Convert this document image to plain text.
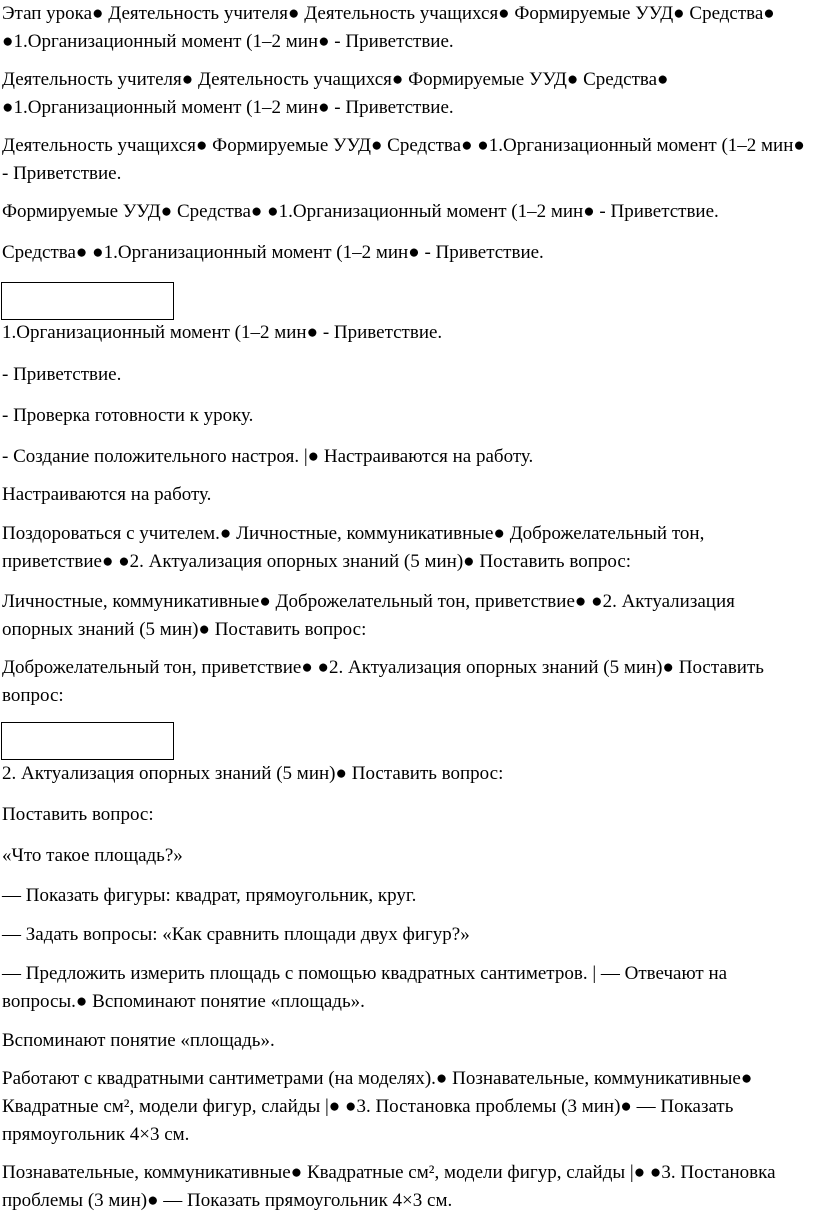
Этап урока● Деятельность учителя● Деятельность учащихся● Формируемые УУД● Средства● ●1.Организационный момент (1–2 мин● - Приветствие.

Деятельность учителя● Деятельность учащихся● Формируемые УУД● Средства● ●1.Организационный момент (1–2 мин● - Приветствие.

Деятельность учащихся● Формируемые УУД● Средства● ●1.Организационный момент (1–2 мин● - Приветствие.

Формируемые УУД● Средства● ●1.Организационный момент (1–2 мин● - Приветствие.

Средства● ●1.Организационный момент (1–2 мин● - Приветствие.

1.Организационный момент (1–2 мин● - Приветствие.

- Приветствие.

- Проверка готовности к уроку.

- Создание положительного настроя. |● Настраиваются на работу.

Настраиваются на работу.

Поздороваться с учителем.● Личностные, коммуникативные● Доброжелательный тон, приветствие● ●2. Актуализация опорных знаний (5 мин)● Поставить вопрос:

Личностные, коммуникативные● Доброжелательный тон, приветствие● ●2. Актуализация опорных знаний (5 мин)● Поставить вопрос:

Доброжелательный тон, приветствие● ●2. Актуализация опорных знаний (5 мин)● Поставить вопрос:

2. Актуализация опорных знаний (5 мин)● Поставить вопрос:

Поставить вопрос:

«Что такое площадь?»

— Показать фигуры: квадрат, прямоугольник, круг.

— Задать вопросы: «Как сравнить площади двух фигур?»

— Предложить измерить площадь с помощью квадратных сантиметров. | — Отвечают на вопросы.● Вспоминают понятие «площадь».

Вспоминают понятие «площадь».

Работают с квадратными сантиметрами (на моделях).● Познавательные, коммуникативные● Квадратные см², модели фигур, слайды |● ●3. Постановка проблемы (3 мин)● — Показать прямоугольник 4×3 см.

Познавательные, коммуникативные● Квадратные см², модели фигур, слайды |● ●3. Постановка проблемы (3 мин)● — Показать прямоугольник 4×3 см.
